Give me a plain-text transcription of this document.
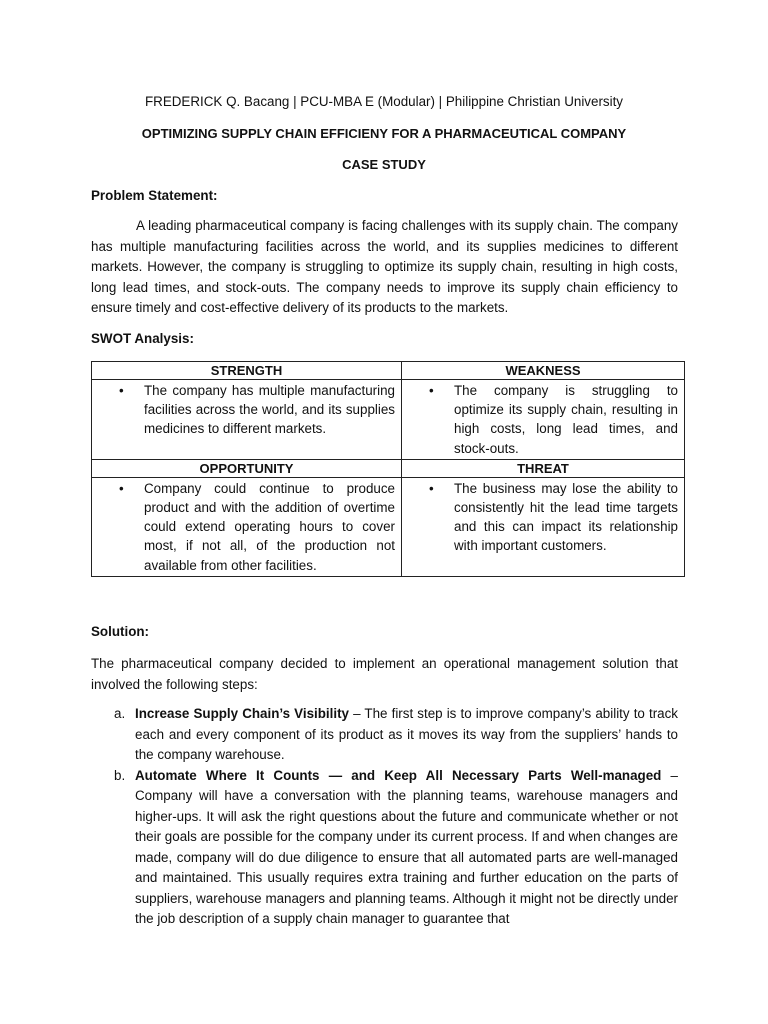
FREDERICK Q. Bacang | PCU-MBA E (Modular) | Philippine Christian University
OPTIMIZING SUPPLY CHAIN EFFICIENY FOR A PHARMACEUTICAL COMPANY
CASE STUDY
Problem Statement:

A leading pharmaceutical company is facing challenges with its supply chain. The company has multiple manufacturing facilities across the world, and its supplies medicines to different markets. However, the company is struggling to optimize its supply chain, resulting in high costs, long lead times, and stock-outs. The company needs to improve its supply chain efficiency to ensure timely and cost-effective delivery of its products to the markets.

SWOT Analysis:
STRENGTH	WEAKNESS

• The company has multiple manufacturing facilities across the world, and its supplies medicines to different markets.	• The company is struggling to optimize its supply chain, resulting in high costs, long lead times, and stock-outs.
OPPORTUNITY	THREAT

• Company could continue to produce product and with the addition of overtime could extend operating hours to cover most, if not all, of the production not available from other facilities.	• The business may lose the ability to consistently hit the lead time targets and this can impact its relationship with important customers.
Solution:

The pharmaceutical company decided to implement an operational management solution that involved the following steps:

a. Increase Supply Chain’s Visibility – The first step is to improve company’s ability to track each and every component of its product as it moves its way from the suppliers’ hands to the company warehouse.
b. Automate Where It Counts — and Keep All Necessary Parts Well-managed – Company will have a conversation with the planning teams, warehouse managers and higher-ups. It will ask the right questions about the future and communicate whether or not their goals are possible for the company under its current process. If and when changes are made, company will do due diligence to ensure that all automated parts are well-managed and maintained. This usually requires extra training and further education on the parts of suppliers, warehouse managers and planning teams. Although it might not be directly under the job description of a supply chain manager to guarantee that
